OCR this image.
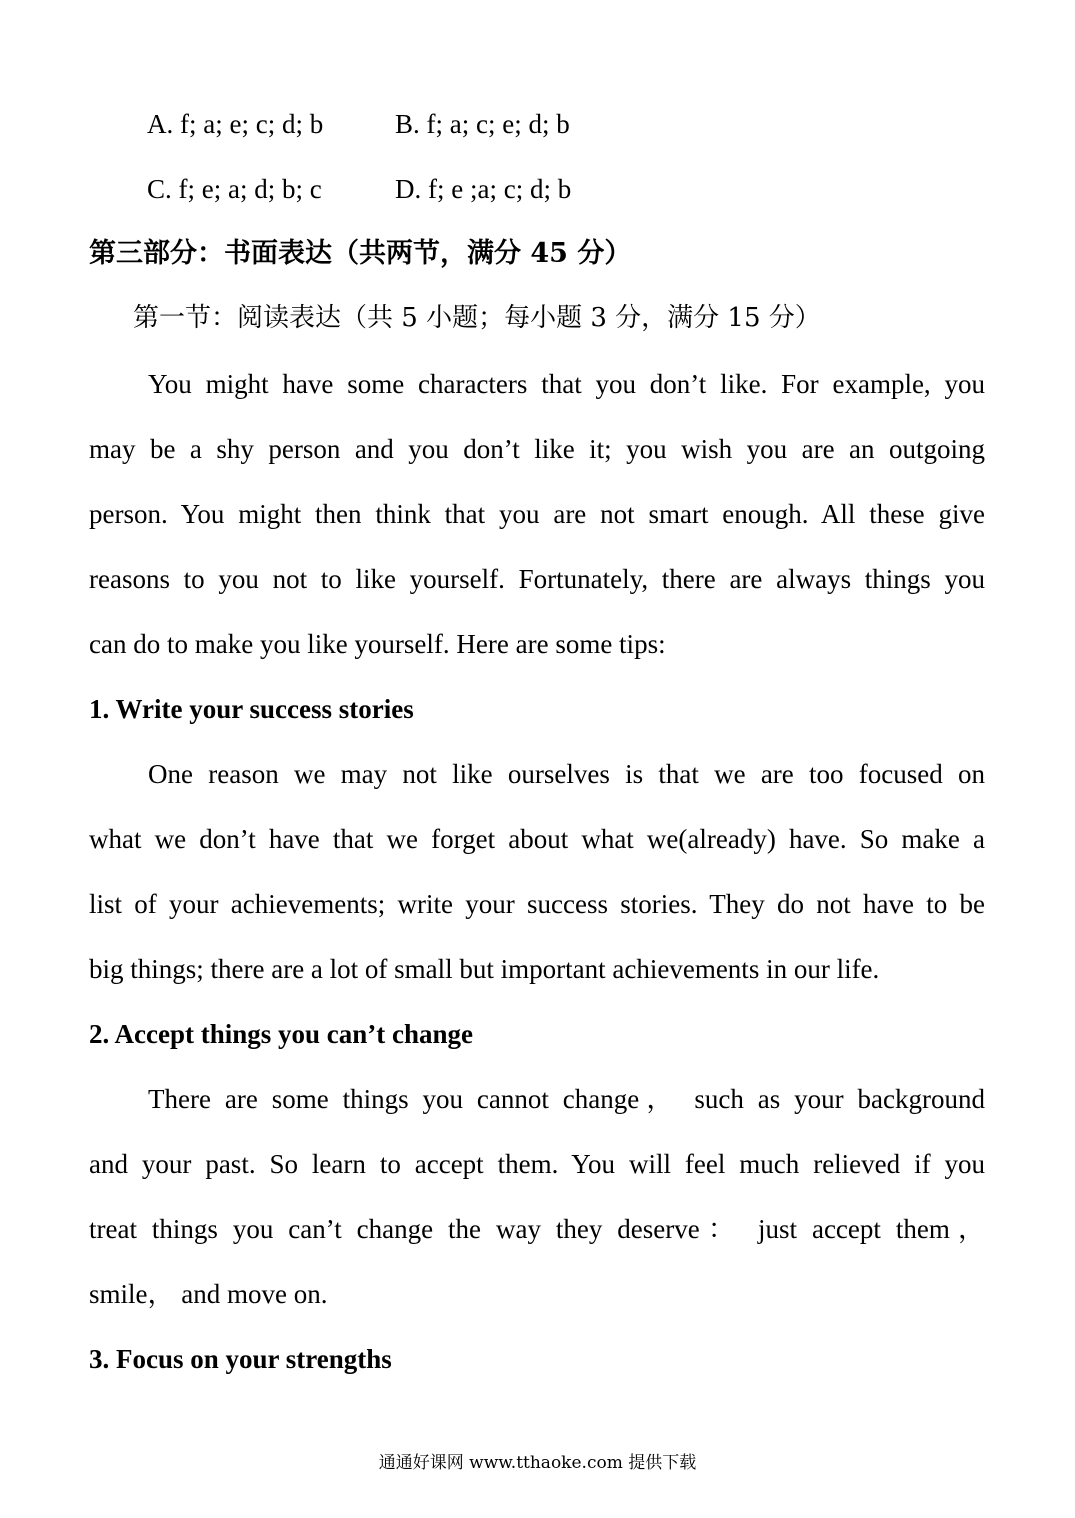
A. f; a; e; c; d; b	B. f; a; c; e; d; b
C. f; e; a; d; b; c	D. f; e ;a; c; d; b
第三部分：书面表达（共两节，满分 45 分）
第一节：阅读表达（共 5 小题；每小题 3 分，满分 15 分）
You might have some characters that you don’t like. For example, you
may be a shy person and you don’t like it; you wish you are an outgoing
person. You might then think that you are not smart enough. All these give
reasons to you not to like yourself. Fortunately, there are always things you
can do to make you like yourself. Here are some tips:
1. Write your success stories
One reason we may not like ourselves is that we are too focused on
what we don’t have that we forget about what we(already) have. So make a
list of your achievements; write your success stories. They do not have to be
big things; there are a lot of small but important achievements in our life.
2. Accept things you can’t change
There are some things you cannot change， such as your background
and your past. So learn to accept them. You will feel much relieved if you
treat things you can’t change the way they deserve： just accept them，
smile， and move on.
3. Focus on your strengths
通通好课网 www.tthaoke.com 提供下载
